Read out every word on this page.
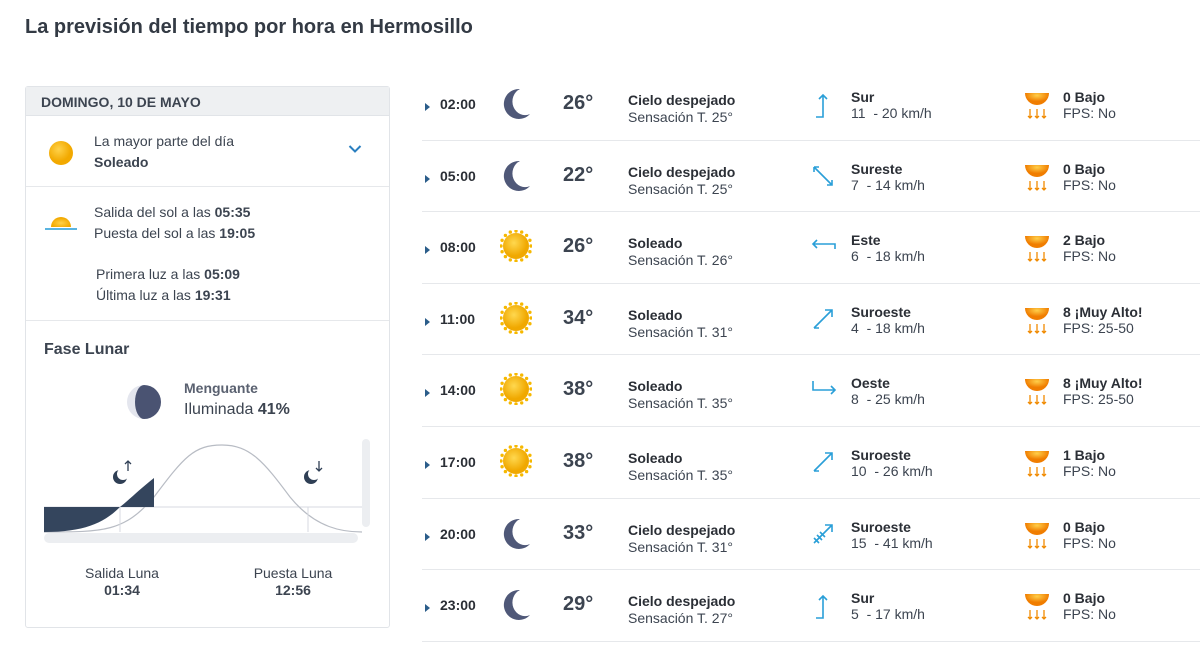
La previsión del tiempo por hora en Hermosillo
DOMINGO, 10 DE MAYO
La mayor parte del día
Soleado
Salida del sol a las 05:35
Puesta del sol a las 19:05
Primera luz a las 05:09
Última luz a las 19:31
Fase Lunar
Menguante
Iluminada 41%
Salida Luna
01:34
Puesta Luna
12:56
02:00	26° Cielo despejado
Sensación T. 25°
Sur
11  - 20 km/h
0 Bajo
FPS: No
05:00	22° Cielo despejado
Sensación T. 25°
Sureste
7  - 14 km/h
0 Bajo
FPS: No
08:00	26° Soleado
Sensación T. 26°
Este
6  - 18 km/h
2 Bajo
FPS: No
11:00	34° Soleado
Sensación T. 31°
Suroeste
4  - 18 km/h
8 ¡Muy Alto!
FPS: 25-50
14:00	38° Soleado
Sensación T. 35°
Oeste
8  - 25 km/h
8 ¡Muy Alto!
FPS: 25-50
17:00	38° Soleado
Sensación T. 35°
Suroeste
10  - 26 km/h
1 Bajo
FPS: No
20:00	33° Cielo despejado
Sensación T. 31°
Suroeste
15  - 41 km/h
0 Bajo
FPS: No
23:00	29° Cielo despejado
Sensación T. 27°
Sur
5  - 17 km/h
0 Bajo
FPS: No
